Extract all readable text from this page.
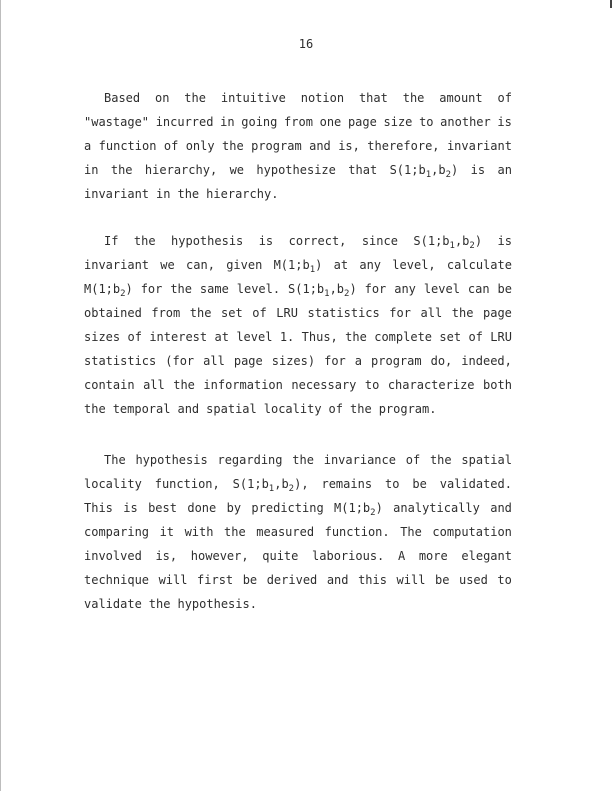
16
Based on the intuitive notion that the amount of
"wastage" incurred in going from one page size to another is
a function of only the program and is, therefore, invariant
in the hierarchy, we hypothesize that $S(1;b_1,b_2)$ is an
invariant in the hierarchy.
If the hypothesis is correct, since $S(1;b_1,b_2)$ is
invariant we can, given $M(1;b_1)$ at any level, calculate
$M(1;b_2)$ for the same level. $S(1;b_1,b_2)$ for any level can be
obtained from the set of LRU statistics for all the page
sizes of interest at level 1. Thus, the complete set of LRU
statistics (for all page sizes) for a program do, indeed,
contain all the information necessary to characterize both
the temporal and spatial locality of the program.
The hypothesis regarding the invariance of the spatial
locality function, $S(1;b_1,b_2)$, remains to be validated.
This is best done by predicting $M(1;b_2)$ analytically and
comparing it with the measured function. The computation
involved is, however, quite laborious. A more elegant
technique will first be derived and this will be used to
validate the hypothesis.
